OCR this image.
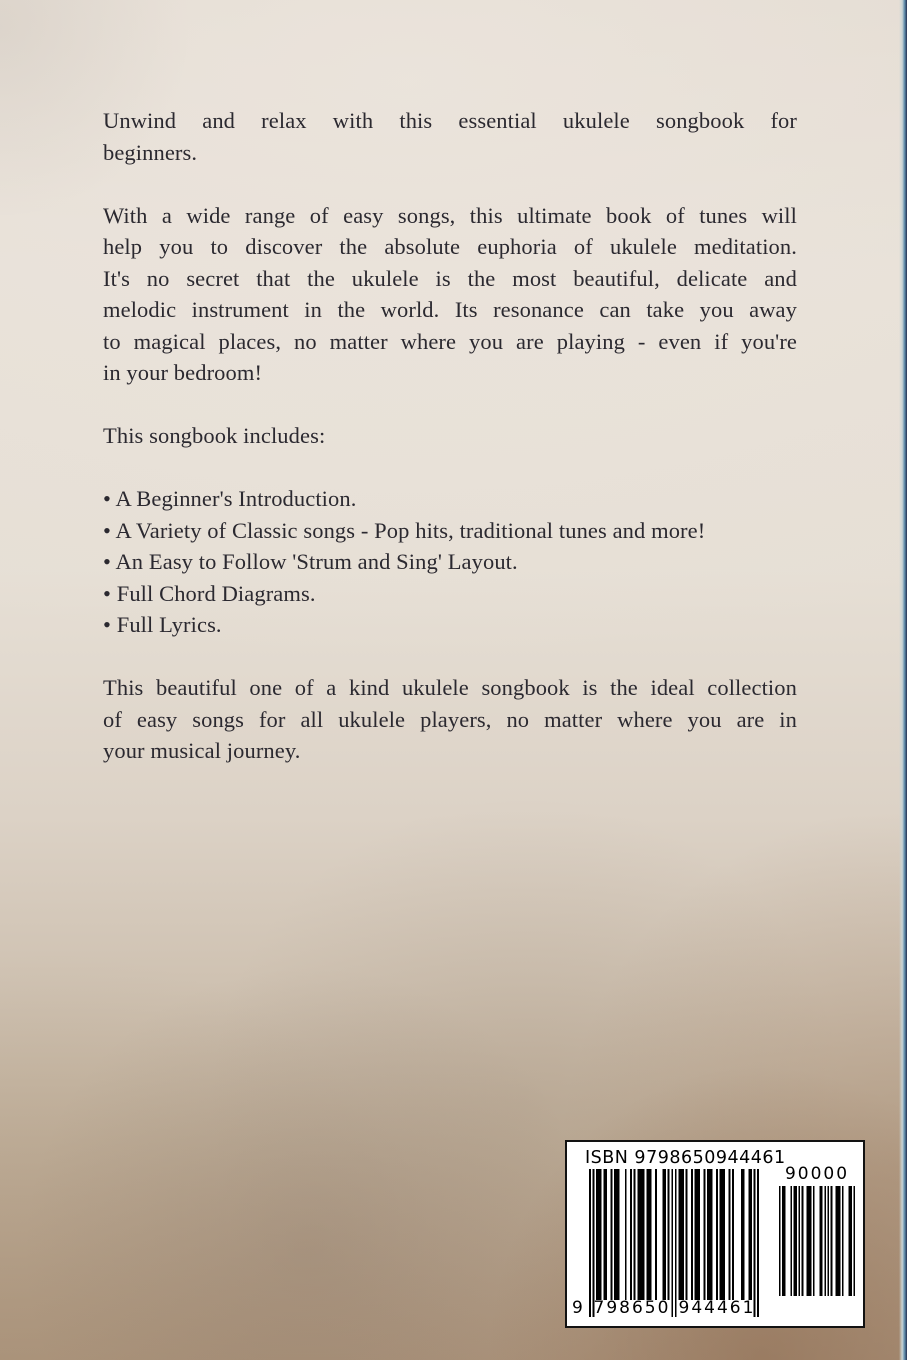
Unwind and relax with this essential ukulele songbook for
beginners.
With a wide range of easy songs, this ultimate book of tunes will
help you to discover the absolute euphoria of ukulele meditation.
It's no secret that the ukulele is the most beautiful, delicate and
melodic instrument in the world. Its resonance can take you away
to magical places, no matter where you are playing - even if you're
in your bedroom!
This songbook includes:
• A Beginner's Introduction.
• A Variety of Classic songs - Pop hits, traditional tunes and more!
• An Easy to Follow 'Strum and Sing' Layout.
• Full Chord Diagrams.
• Full Lyrics.
This beautiful one of a kind ukulele songbook is the ideal collection
of easy songs for all ukulele players, no matter where you are in
your musical journey.
ISBN 9798650944461
9 798650 944461
90000
